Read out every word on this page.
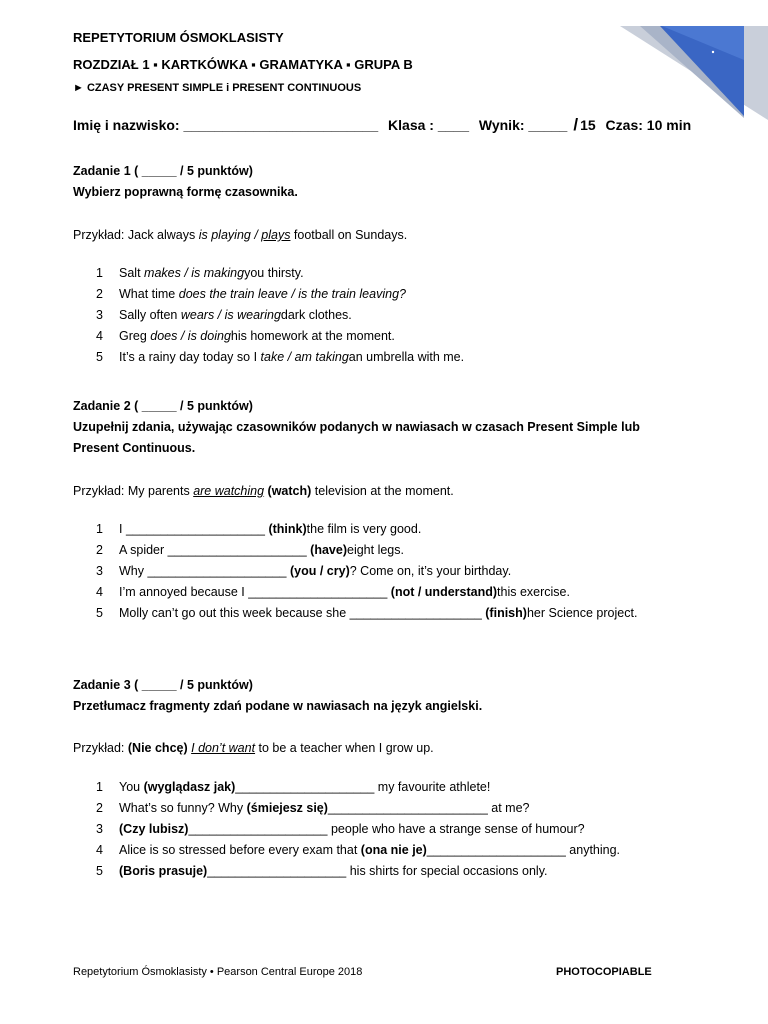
REPETYTORIUM ÓSMOKLASISTY
ROZDZIAŁ 1 ▪ KARTKÓWKA ▪ GRAMATYKA ▪ GRUPA B
► CZASY PRESENT SIMPLE i PRESENT CONTINUOUS
Imię i nazwisko: _________________________ Klasa : ____ Wynik: _____ / 15 Czas: 10 min
Zadanie 1 ( _____ / 5 punktów)
Wybierz poprawną formę czasownika.
Przykład: Jack always is playing / plays football on Sundays.
1	Salt
makes / is making you thirsty.
2	What time
does the train leave / is the train leaving ?
3	Sally often
wears / is wearing dark clothes.
4	Greg
does / is doing his homework at the moment.
5	It’s a rainy day today so I
take / am taking an umbrella with me.
Zadanie 2 ( _____ / 5 punktów)
Uzupełnij zdania, używając czasowników podanych w nawiasach w czasach Present Simple lub Present Continuous.
Przykład: My parents are watching (watch) television at the moment.
1	I ____________________
(think) the film is very good.
2	A spider ____________________
(have) eight legs.
3	Why ____________________
(you / cry) ? Come on, it’s your birthday.
4	I’m annoyed because I ____________________
(not / understand) this exercise.
5	Molly can’t go out this week because she ___________________
(finish) her Science project.
Zadanie 3 ( _____ / 5 punktów)
Przetłumacz fragmenty zdań podane w nawiasach na język angielski.
Przykład: (Nie chcę) I don’t want to be a teacher when I grow up.
1	You
(wyglądasz jak) ____________________ my favourite athlete!
2	What’s so funny? Why
(śmiejesz się) _______________________ at me?
3	(Czy lubisz) ____________________ people who have a strange sense of humour?
4	Alice is so stressed before every exam that
(ona nie je) ____________________ anything.
5	(Boris prasuje) ____________________ his shirts for special occasions only.
Repetytorium Ósmoklasisty • Pearson Central Europe 2018	PHOTOCOPIABLE
